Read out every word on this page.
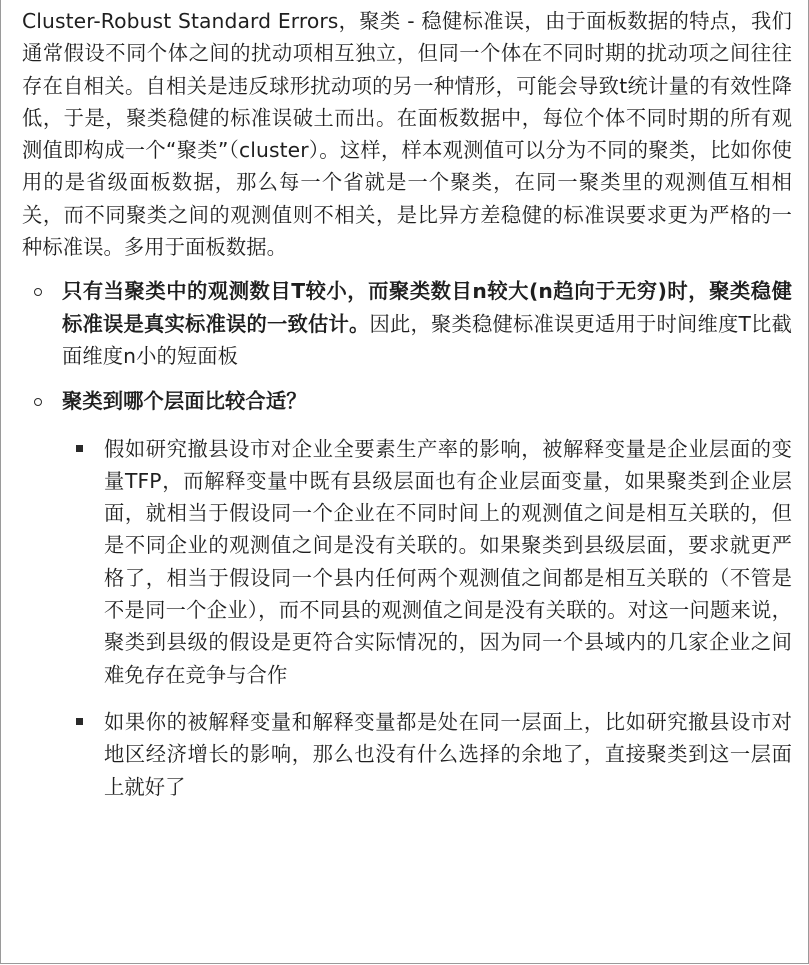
Cluster-Robust Standard Errors，聚类 - 稳健标准误，由于面板数据的特点，我们通常假设不同个体之间的扰动项相互独立，但同一个体在不同时期的扰动项之间往往存在自相关。自相关是违反球形扰动项的另一种情形，可能会导致t统计量的有效性降低，于是，聚类稳健的标准误破土而出。在面板数据中，每位个体不同时期的所有观测值即构成一个“聚类”（cluster）。这样，样本观测值可以分为不同的聚类，比如你使用的是省级面板数据，那么每一个省就是一个聚类，在同一聚类里的观测值互相相关，而不同聚类之间的观测值则不相关，是比异方差稳健的标准误要求更为严格的一种标准误。多用于面板数据。

只有当聚类中的观测数目T较小，而聚类数目n较大(n趋向于无穷)时，聚类稳健标准误是真实标准误的一致估计。因此，聚类稳健标准误更适用于时间维度T比截面维度n小的短面板
聚类到哪个层面比较合适？
假如研究撤县设市对企业全要素生产率的影响，被解释变量是企业层面的变量TFP，而解释变量中既有县级层面也有企业层面变量，如果聚类到企业层面，就相当于假设同一个企业在不同时间上的观测值之间是相互关联的，但是不同企业的观测值之间是没有关联的。如果聚类到县级层面，要求就更严格了，相当于假设同一个县内任何两个观测值之间都是相互关联的（不管是不是同一个企业），而不同县的观测值之间是没有关联的。对这一问题来说，聚类到县级的假设是更符合实际情况的，因为同一个县域内的几家企业之间难免存在竞争与合作
如果你的被解释变量和解释变量都是处在同一层面上，比如研究撤县设市对地区经济增长的影响，那么也没有什么选择的余地了，直接聚类到这一层面上就好了
